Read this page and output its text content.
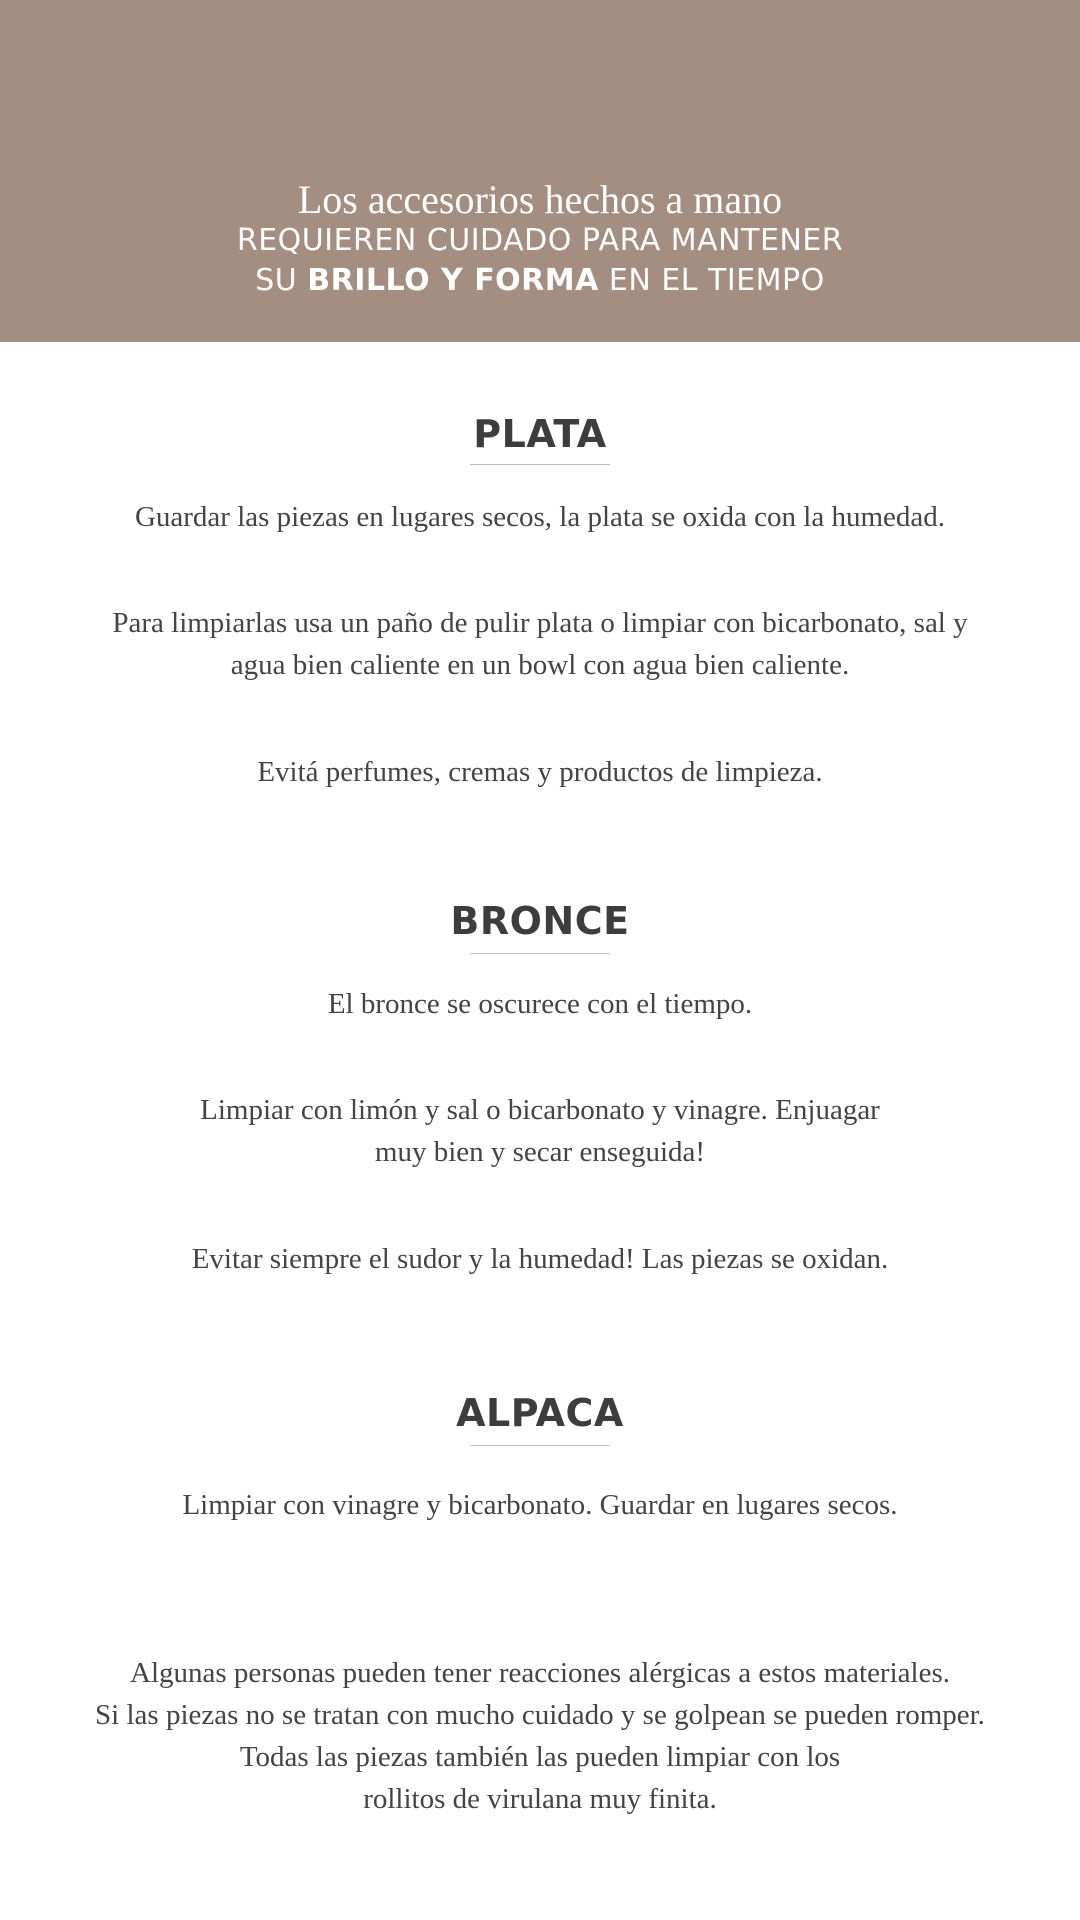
Los accesorios hechos a mano
REQUIEREN CUIDADO PARA MANTENER
SU BRILLO Y FORMA EN EL TIEMPO
PLATA
Guardar las piezas en lugares secos, la plata se oxida con la humedad.
Para limpiarlas usa un paño de pulir plata o limpiar con bicarbonato, sal y
agua bien caliente en un bowl con agua bien caliente.
Evitá perfumes, cremas y productos de limpieza.
BRONCE
El bronce se oscurece con el tiempo.
Limpiar con limón y sal o bicarbonato y vinagre. Enjuagar
muy bien y secar enseguida!
Evitar siempre el sudor y la humedad! Las piezas se oxidan.
ALPACA
Limpiar con vinagre y bicarbonato. Guardar en lugares secos.
Algunas personas pueden tener reacciones alérgicas a estos materiales.
Si las piezas no se tratan con mucho cuidado y se golpean se pueden romper.
Todas las piezas también las pueden limpiar con los
rollitos de virulana muy finita.
